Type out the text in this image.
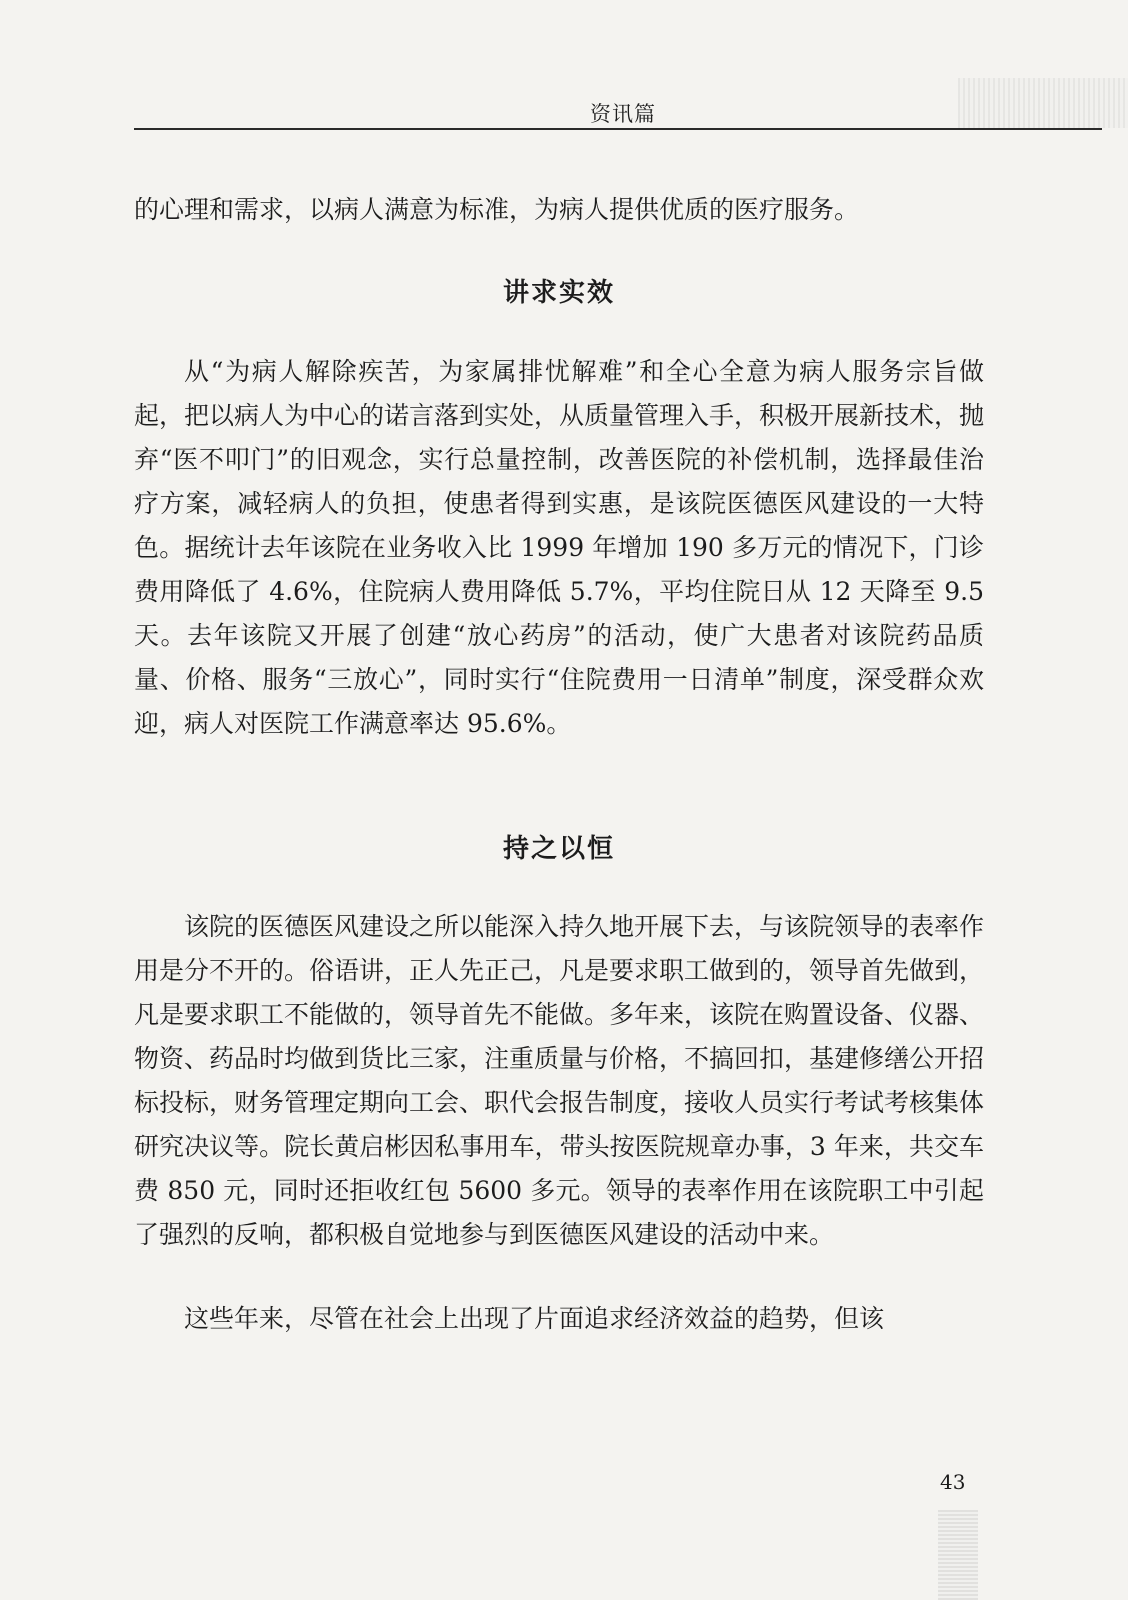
资讯篇

的心理和需求，以病人满意为标准，为病人提供优质的医疗服务。

讲求实效

从“为病人解除疾苦，为家属排忧解难”和全心全意为病人服务宗旨做起，把以病人为中心的诺言落到实处，从质量管理入手，积极开展新技术，抛弃“医不叩门”的旧观念，实行总量控制，改善医院的补偿机制，选择最佳治疗方案，减轻病人的负担，使患者得到实惠，是该院医德医风建设的一大特色。据统计去年该院在业务收入比 1999 年增加 190 多万元的情况下，门诊费用降低了 4.6%，住院病人费用降低 5.7%，平均住院日从 12 天降至 9.5 天。去年该院又开展了创建“放心药房”的活动，使广大患者对该院药品质量、价格、服务“三放心”，同时实行“住院费用一日清单”制度，深受群众欢迎，病人对医院工作满意率达 95.6%。

持之以恒

该院的医德医风建设之所以能深入持久地开展下去，与该院领导的表率作用是分不开的。俗语讲，正人先正己，凡是要求职工做到的，领导首先做到，凡是要求职工不能做的，领导首先不能做。多年来，该院在购置设备、仪器、物资、药品时均做到货比三家，注重质量与价格，不搞回扣，基建修缮公开招标投标，财务管理定期向工会、职代会报告制度，接收人员实行考试考核集体研究决议等。院长黄启彬因私事用车，带头按医院规章办事，3 年来，共交车费 850 元，同时还拒收红包 5600 多元。领导的表率作用在该院职工中引起了强烈的反响，都积极自觉地参与到医德医风建设的活动中来。

这些年来，尽管在社会上出现了片面追求经济效益的趋势，但该

43
